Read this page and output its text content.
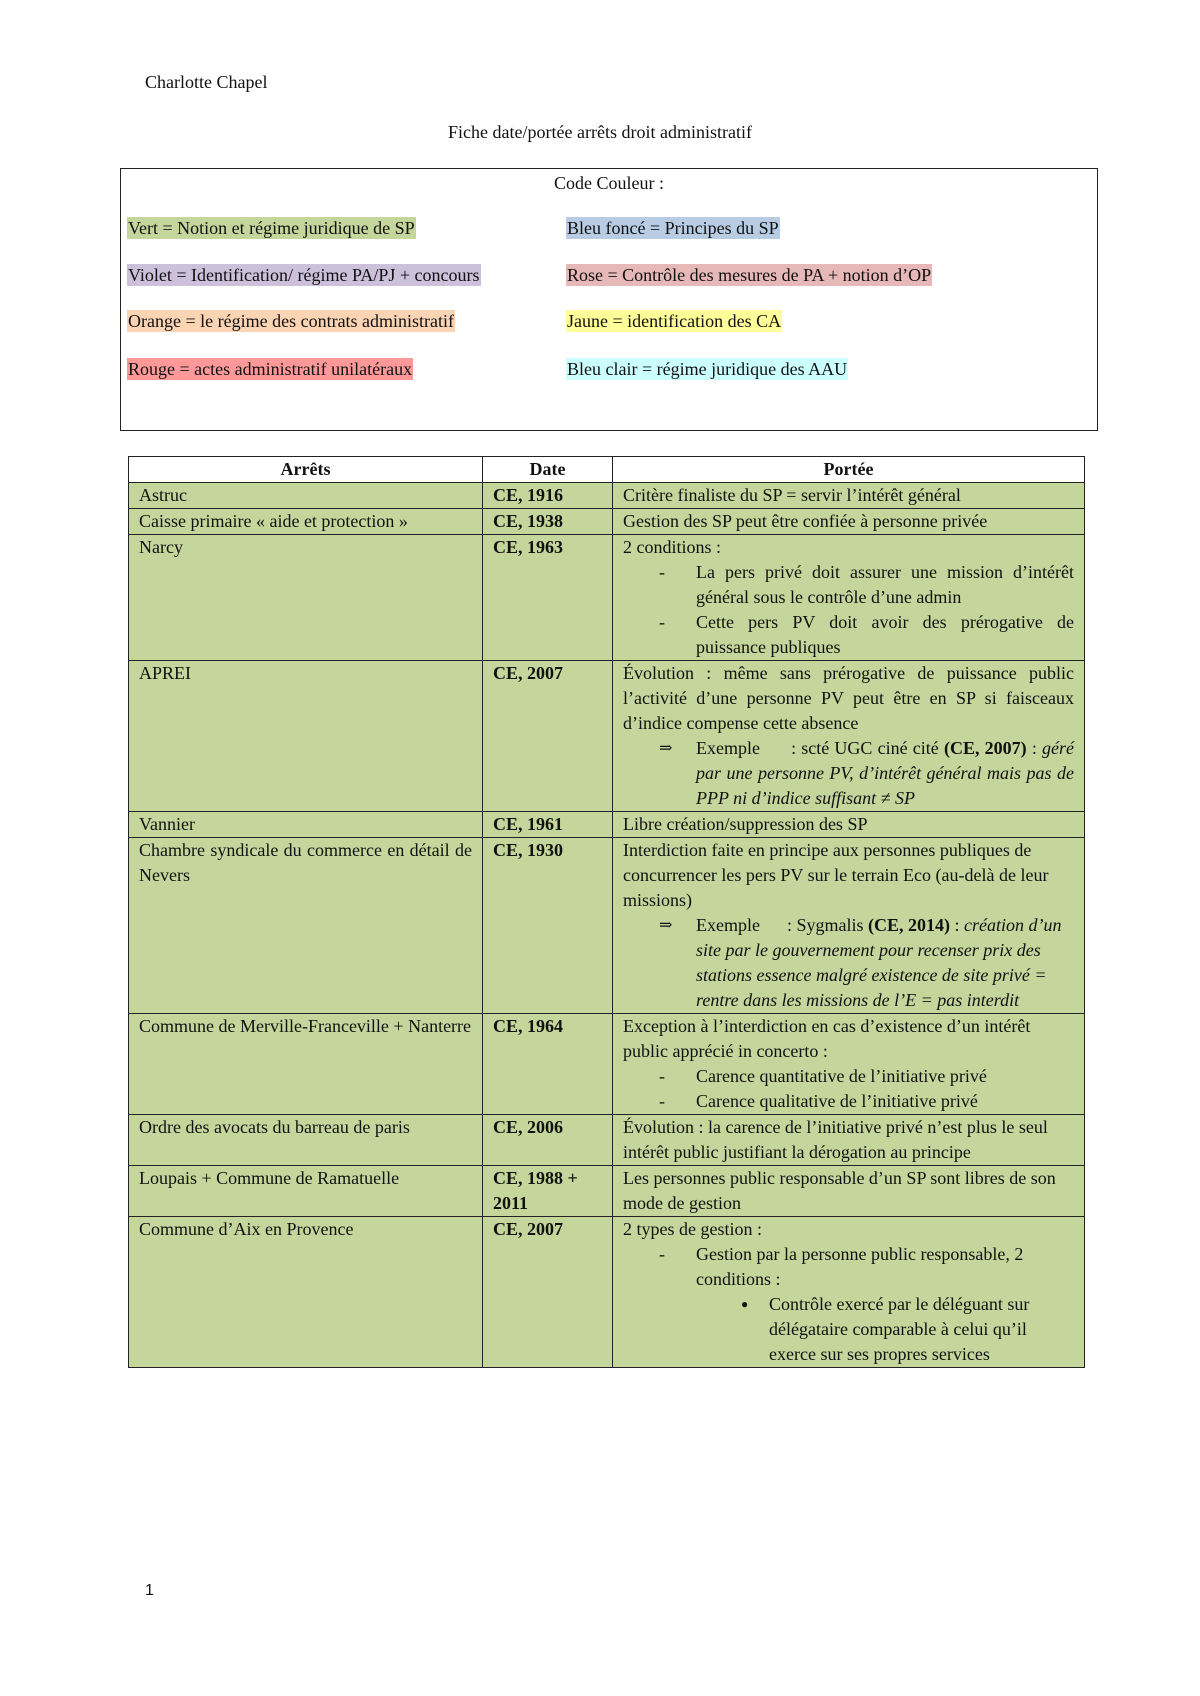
Charlotte Chapel
Fiche date/portée arrêts droit administratif
Code Couleur :
Vert = Notion et régime juridique de SP	Bleu foncé = Principes du SP
Violet = Identification/ régime PA/PJ + concours	Rose = Contrôle des mesures de PA + notion d’OP
Orange = le régime des contrats administratif	Jaune = identification des CA
Rouge = actes administratif unilatéraux	Bleu clair = régime juridique des AAU
Arrêts	Date	Portée
Astruc	CE, 1916	Critère finaliste du SP = servir l’intérêt général

Caisse primaire « aide et protection »	CE, 1938	Gestion des SP peut être confiée à personne privée

Narcy	CE, 1963	2 conditions :
- La pers privé doit assurer une mission d’intérêt général sous le contrôle d’une admin
- Cette pers PV doit avoir des prérogative de puissance publiques

APREI	CE, 2007	Évolution : même sans prérogative de puissance public l’activité d’une personne PV peut être en SP si faisceaux d’indice compense cette absence
⇒ Exemple      : scté UGC ciné cité (CE, 2007) : géré par une personne PV, d’intérêt général mais pas de PPP ni d’indice suffisant ≠ SP

Vannier	CE, 1961	Libre création/suppression des SP

Chambre syndicale du commerce en détail de Nevers	CE, 1930	Interdiction faite en principe aux personnes publiques de concurrencer les pers PV sur le terrain Eco (au-delà de leur missions)
⇒ Exemple      : Sygmalis (CE, 2014) : création d’un site par le gouvernement pour recenser prix des stations essence malgré existence de site privé = rentre dans les missions de l’E = pas interdit

Commune de Merville-Franceville + Nanterre	CE, 1964	Exception à l’interdiction en cas d’existence d’un intérêt public apprécié in concerto :
- Carence quantitative de l’initiative privé
- Carence qualitative de l’initiative privé

Ordre des avocats du barreau de paris	CE, 2006	Évolution : la carence de l’initiative privé n’est plus le seul intérêt public justifiant la dérogation au principe

Loupais + Commune de Ramatuelle	CE, 1988 + 2011	Les personnes public responsable d’un SP sont libres de son mode de gestion

Commune d’Aix en Provence	CE, 2007	2 types de gestion :
- Gestion par la personne public responsable, 2 conditions :
● Contrôle exercé par le déléguant sur délégataire comparable à celui qu’il exerce sur ses propres services
1
